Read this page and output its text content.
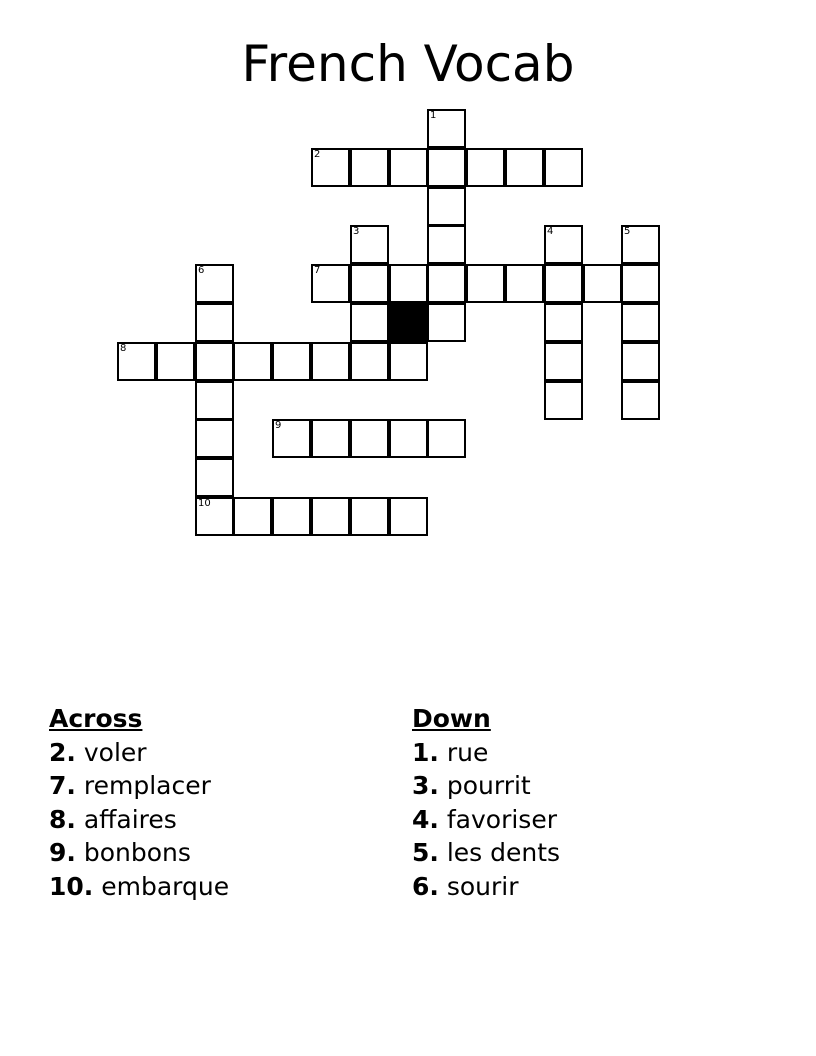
French Vocab
2
7
8
9
10
1
3	4	5
6
Across
2. voler
7. remplacer
8. affaires
9. bonbons
10. embarque
Down
1. rue
3. pourrit
4. favoriser
5. les dents
6. sourir
